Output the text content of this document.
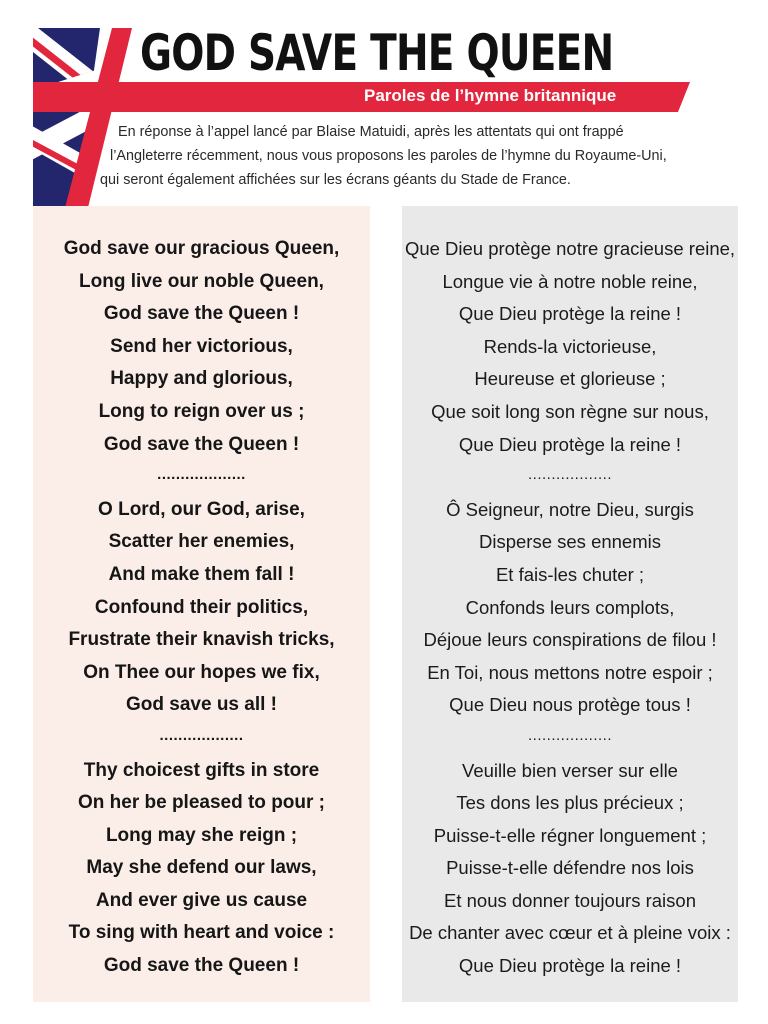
GOD SAVE THE QUEEN
Paroles de l’hymne britannique

En réponse à l’appel lancé par Blaise Matuidi, après les attentats qui ont frappé
l’Angleterre récemment, nous vous proposons les paroles de l’hymne du Royaume-Uni,
qui seront également affichées sur les écrans géants du Stade de France.

God save our gracious Queen,
Long live our noble Queen,
God save the Queen !
Send her victorious,
Happy and glorious,
Long to reign over us ;
God save the Queen !
...................
O Lord, our God, arise,
Scatter her enemies,
And make them fall !
Confound their politics,
Frustrate their knavish tricks,
On Thee our hopes we fix,
God save us all !
..................
Thy choicest gifts in store
On her be pleased to pour ;
Long may she reign ;
May she defend our laws,
And ever give us cause
To sing with heart and voice :
God save the Queen !
Que Dieu protège notre gracieuse reine,
Longue vie à notre noble reine,
Que Dieu protège la reine !
Rends-la victorieuse,
Heureuse et glorieuse ;
Que soit long son règne sur nous,
Que Dieu protège la reine !
..................
Ô Seigneur, notre Dieu, surgis
Disperse ses ennemis
Et fais-les chuter ;
Confonds leurs complots,
Déjoue leurs conspirations de filou !
En Toi, nous mettons notre espoir ;
Que Dieu nous protège tous !
..................
Veuille bien verser sur elle
Tes dons les plus précieux ;
Puisse-t-elle régner longuement ;
Puisse-t-elle défendre nos lois
Et nous donner toujours raison
De chanter avec cœur et à pleine voix :
Que Dieu protège la reine !
